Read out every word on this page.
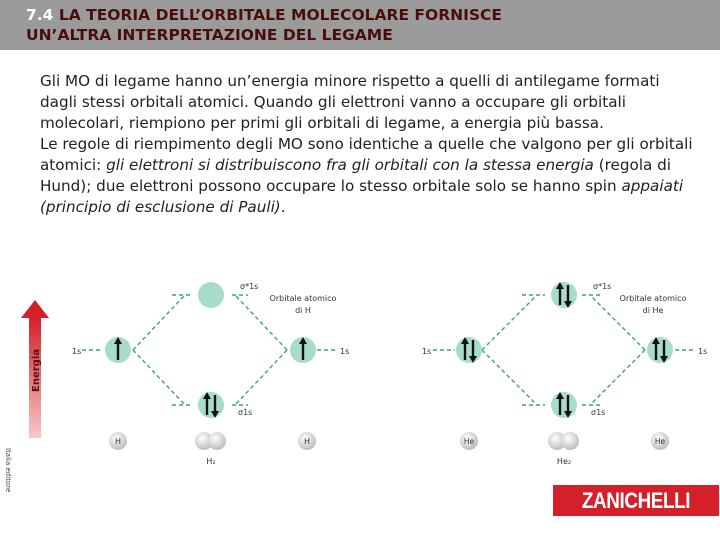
7.4 LA TEORIA DELL’ORBITALE MOLECOLARE FORNISCE
UN’ALTRA INTERPRETAZIONE DEL LEGAME

Gli MO di legame hanno un’energia minore rispetto a quelli di antilegame formati dagli stessi orbitali atomici. Quando gli elettroni vanno a occupare gli orbitali molecolari, riempiono per primi gli orbitali di legame, a energia più bassa.

Le regole di riempimento degli MO sono identiche a quelle che valgono per gli orbitali atomici: gli elettroni si distribuiscono fra gli orbitali con la stessa energia (regola di Hund); due elettroni possono occupare lo stesso orbitale solo se hanno spin appaiati (principio di esclusione di Pauli).

Energia
σ*1s
σ1s
1s	1s
Orbitale atomico
di H
H	H
H₂
σ*1s
σ1s
1s	1s
Orbitale atomico
di He
He	He
He₂
Italia editore
ZANICHELLI
